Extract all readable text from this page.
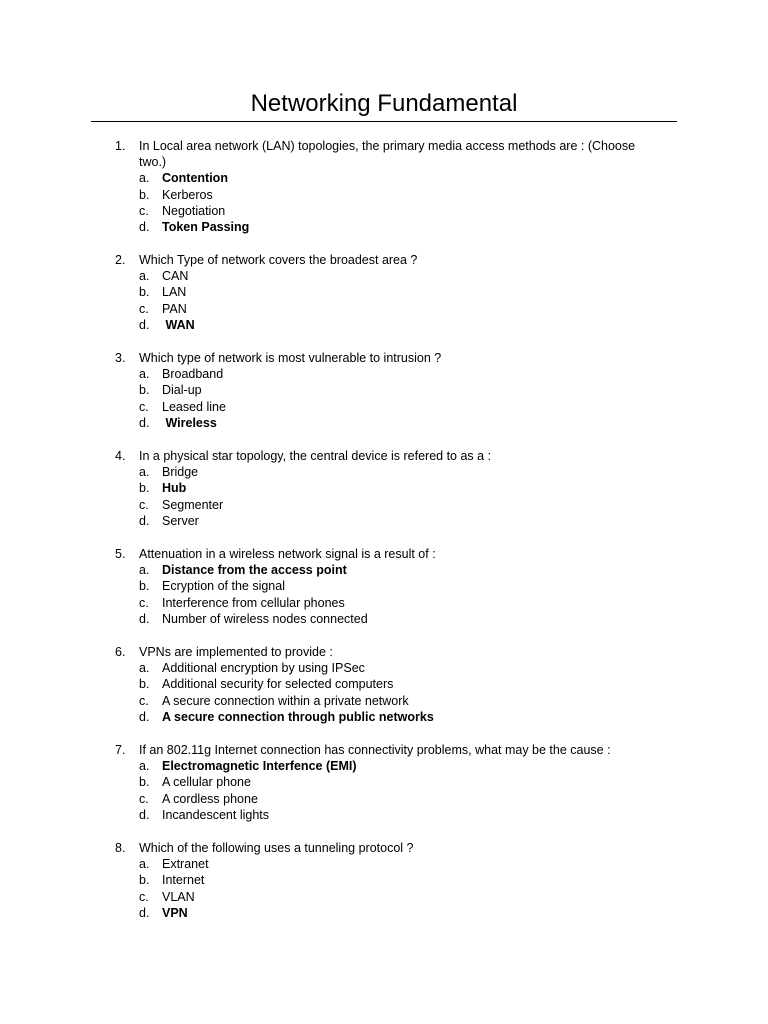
Networking Fundamental
1. In Local area network (LAN) topologies, the primary media access methods are : (Choose two.)
a. Contention
b. Kerberos
c. Negotiation
d. Token Passing
2. Which Type of network covers the broadest area ?
a. CAN
b. LAN
c. PAN
d. WAN
3. Which type of network is most vulnerable to intrusion ?
a. Broadband
b. Dial-up
c. Leased line
d. Wireless
4. In a physical star topology, the central device is refered to as a :
a. Bridge
b. Hub
c. Segmenter
d. Server
5. Attenuation in a wireless network signal is a result of :
a. Distance from the access point
b. Ecryption of the signal
c. Interference from cellular phones
d. Number of wireless nodes connected
6. VPNs are implemented to provide :
a. Additional encryption by using IPSec
b. Additional security for selected computers
c. A secure connection within a private network
d. A secure connection through public networks
7. If an 802.11g Internet connection has connectivity problems, what may be the cause :
a. Electromagnetic Interfence (EMI)
b. A cellular phone
c. A cordless phone
d. Incandescent lights
8. Which of the following uses a tunneling protocol ?
a. Extranet
b. Internet
c. VLAN
d. VPN
